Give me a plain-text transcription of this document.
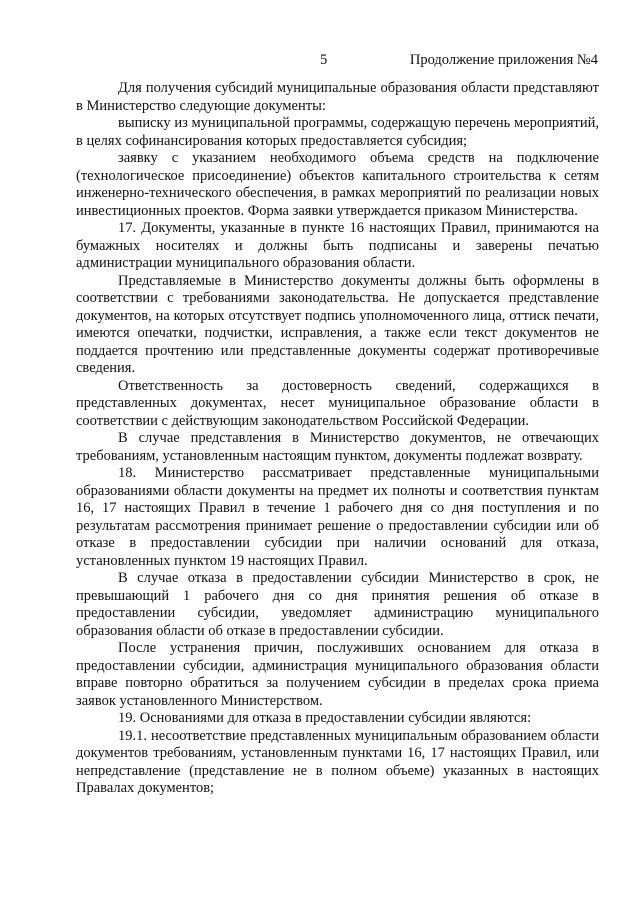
5	Продолжение приложения №4

Для получения субсидий муниципальные образования области представляют в Министерство следующие документы:

выписку из муниципальной программы, содержащую перечень мероприятий, в целях софинансирования которых предоставляется субсидия;

заявку с указанием необходимого объема средств на подключение (технологическое присоединение) объектов капитального строительства к сетям инженерно-технического обеспечения, в рамках мероприятий по реализации новых инвестиционных проектов. Форма заявки утверждается приказом Министерства.

17. Документы, указанные в пункте 16 настоящих Правил, принимаются на бумажных носителях и должны быть подписаны и заверены печатью администрации муниципального образования области.

Представляемые в Министерство документы должны быть оформлены в соответствии с требованиями законодательства. Не допускается представление документов, на которых отсутствует подпись уполномоченного лица, оттиск печати, имеются опечатки, подчистки, исправления, а также если текст документов не поддается прочтению или представленные документы содержат противоречивые сведения.

Ответственность за достоверность сведений, содержащихся в представленных документах, несет муниципальное образование области в соответствии с действующим законодательством Российской Федерации.

В случае представления в Министерство документов, не отвечающих требованиям, установленным настоящим пунктом, документы подлежат возврату.

18. Министерство рассматривает представленные муниципальными образованиями области документы на предмет их полноты и соответствия пунктам 16, 17 настоящих Правил в течение 1 рабочего дня со дня поступления и по результатам рассмотрения принимает решение о предоставлении субсидии или об отказе в предоставлении субсидии при наличии оснований для отказа, установленных пунктом 19 настоящих Правил.

В случае отказа в предоставлении субсидии Министерство в срок, не превышающий 1 рабочего дня со дня принятия решения об отказе в предоставлении субсидии, уведомляет администрацию муниципального образования области об отказе в предоставлении субсидии.

После устранения причин, послуживших основанием для отказа в предоставлении субсидии, администрация муниципального образования области вправе повторно обратиться за получением субсидии в пределах срока приема заявок установленного Министерством.

19. Основаниями для отказа в предоставлении субсидии являются:

19.1. несоответствие представленных муниципальным образованием области документов требованиям, установленным пунктами 16, 17 настоящих Правил, или непредставление (представление не в полном объеме) указанных в настоящих Правалах документов;
